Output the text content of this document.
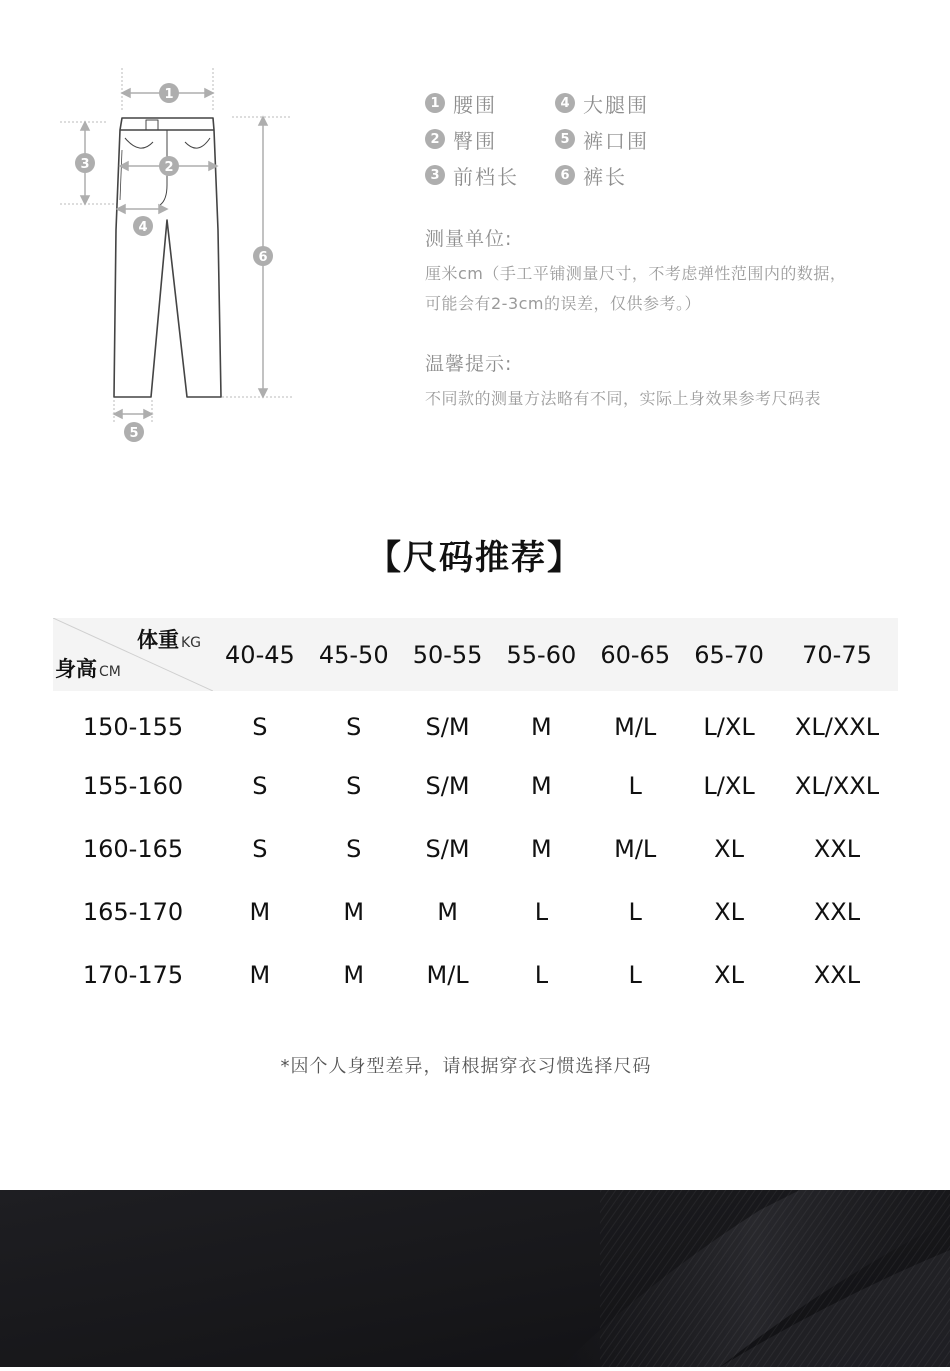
1
2
3
4
5
6
1 腰围	4 大腿围
2 臀围	5 裤口围
3 前档长	6 裤长
测量单位:
厘米cm（手工平铺测量尺寸，不考虑弹性范围内的数据，
可能会有2-3cm的误差，仅供参考。）
温馨提示:
不同款的测量方法略有不同，实际上身效果参考尺码表
【尺码推荐】
体重 KG
身高 CM	40-45	45-50	50-55	55-60	60-65	65-70	70-75
150-155	S	S	S/M	M	M/L	L/XL	XL/XXL
155-160	S	S	S/M	M	L	L/XL	XL/XXL
160-165	S	S	S/M	M	M/L	XL	XXL
165-170	M	M	M	L	L	XL	XXL
170-175	M	M	M/L	L	L	XL	XXL
*因个人身型差异，请根据穿衣习惯选择尺码
